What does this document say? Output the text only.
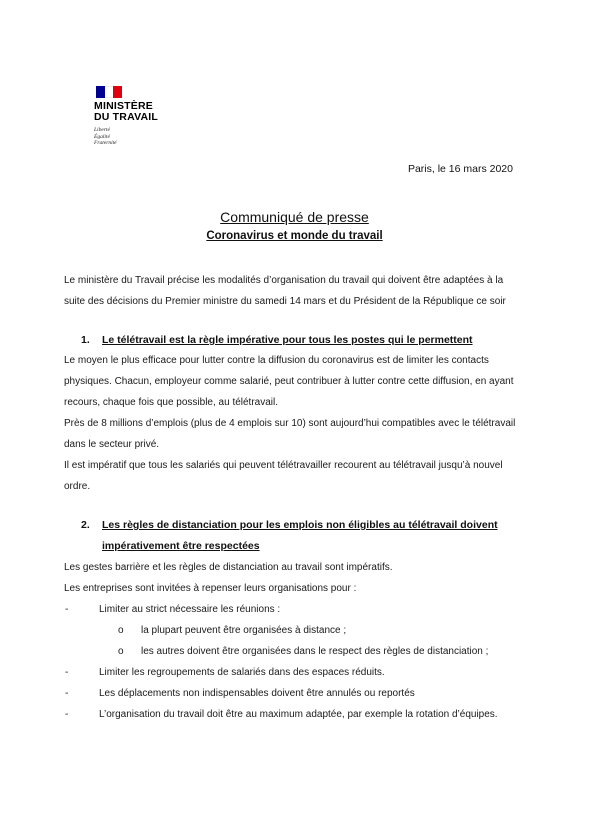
MINISTÈRE
DU TRAVAIL
Liberté
Égalité
Fraternité
Paris, le 16 mars 2020
Communiqué de presse
Coronavirus et monde du travail

Le ministère du Travail précise les modalités d’organisation du travail qui doivent être adaptées à la

suite des décisions du Premier ministre du samedi 14 mars et du Président de la République ce soir

1. Le télétravail est la règle impérative pour tous les postes qui le permettent

Le moyen le plus efficace pour lutter contre la diffusion du coronavirus est de limiter les contacts

physiques. Chacun, employeur comme salarié, peut contribuer à lutter contre cette diffusion, en ayant

recours, chaque fois que possible, au télétravail.

Près de 8 millions d’emplois (plus de 4 emplois sur 10) sont aujourd’hui compatibles avec le télétravail

dans le secteur privé.

Il est impératif que tous les salariés qui peuvent télétravailler recourent au télétravail jusqu’à nouvel

ordre.

2. Les règles de distanciation pour les emplois non éligibles au télétravail doivent
impérativement être respectées

Les gestes barrière et les règles de distanciation au travail sont impératifs.

Les entreprises sont invitées à repenser leurs organisations pour :

-	Limiter au strict nécessaire les réunions :
o la plupart peuvent être organisées à distance ;
o les autres doivent être organisées dans le respect des règles de distanciation ;
-	Limiter les regroupements de salariés dans des espaces réduits.
-	Les déplacements non indispensables doivent être annulés ou reportés
-	L’organisation du travail doit être au maximum adaptée, par exemple la rotation d’équipes.
